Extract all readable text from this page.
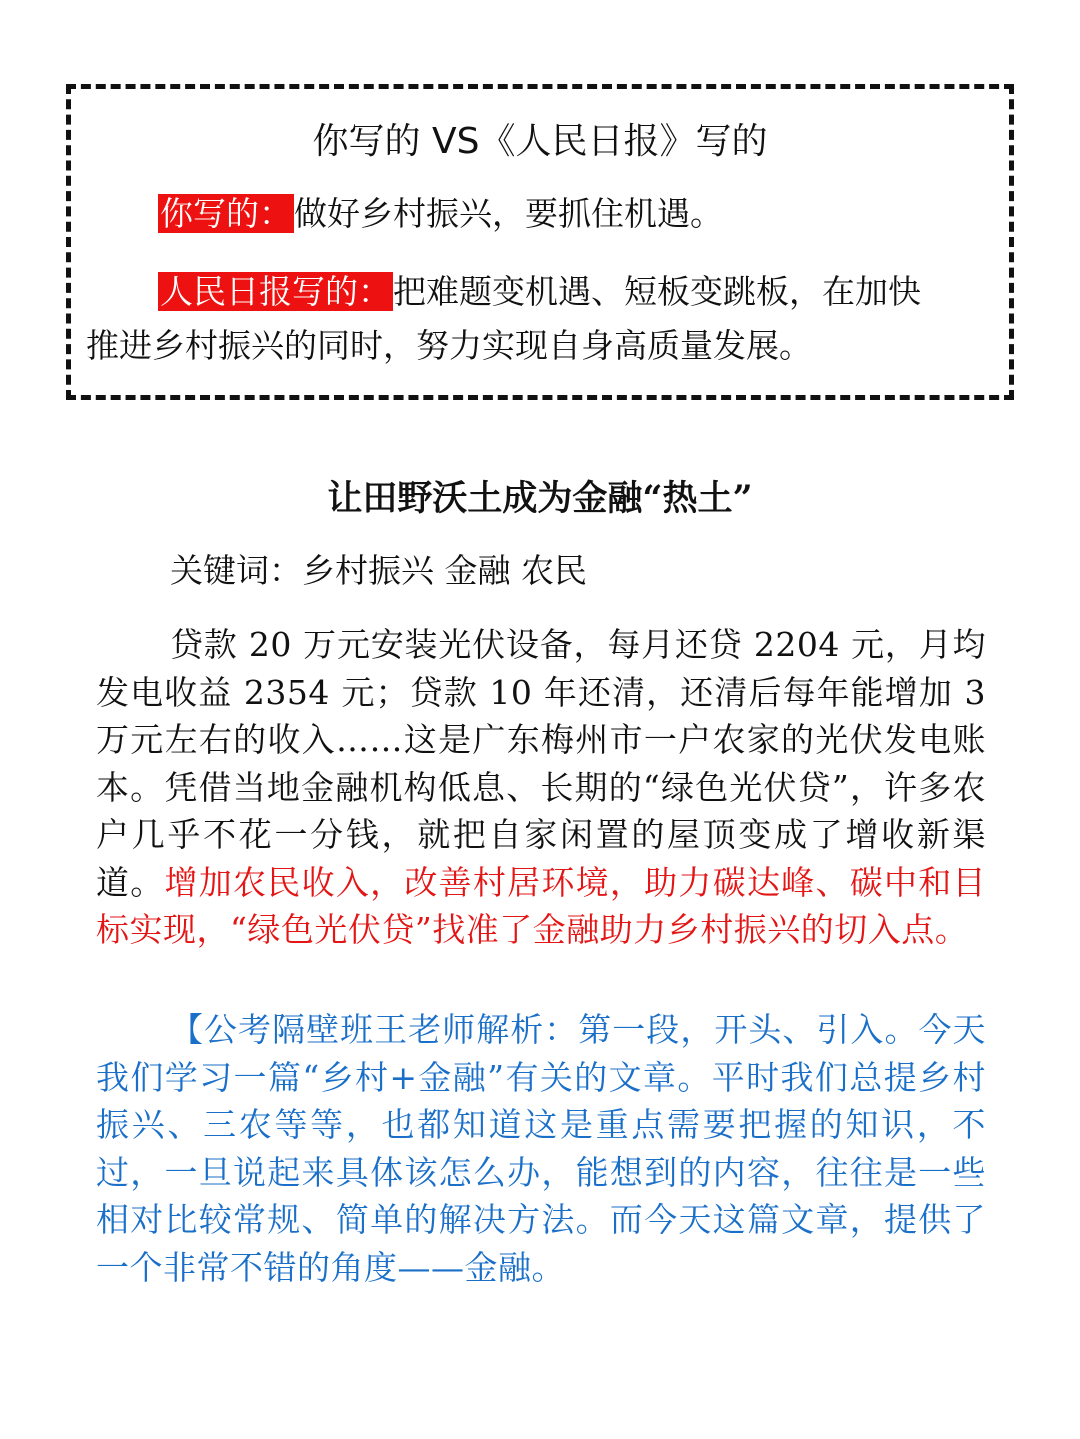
你写的 VS《人民日报》写的
你写的：做好乡村振兴，要抓住机遇。
人民日报写的：把难题变机遇、短板变跳板，在加快
推进乡村振兴的同时，努力实现自身高质量发展。
让田野沃土成为金融“热土”
关键词：乡村振兴 金融 农民
贷款 20 万元安装光伏设备，每月还贷 2204 元，月均发电收益 2354 元；贷款 10 年还清，还清后每年能增加 3 万元左右的收入……这是广东梅州市一户农家的光伏发电账本。凭借当地金融机构低息、长期的“绿色光伏贷”，许多农户几乎不花一分钱，就把自家闲置的屋顶变成了增收新渠道。增加农民收入，改善村居环境，助力碳达峰、碳中和目标实现，“绿色光伏贷”找准了金融助力乡村振兴的切入点。
【公考隔壁班王老师解析：第一段，开头、引入。今天我们学习一篇“乡村+金融”有关的文章。平时我们总提乡村振兴、三农等等，也都知道这是重点需要把握的知识，不过，一旦说起来具体该怎么办，能想到的内容，往往是一些相对比较常规、简单的解决方法。而今天这篇文章，提供了一个非常不错的角度——金融。
